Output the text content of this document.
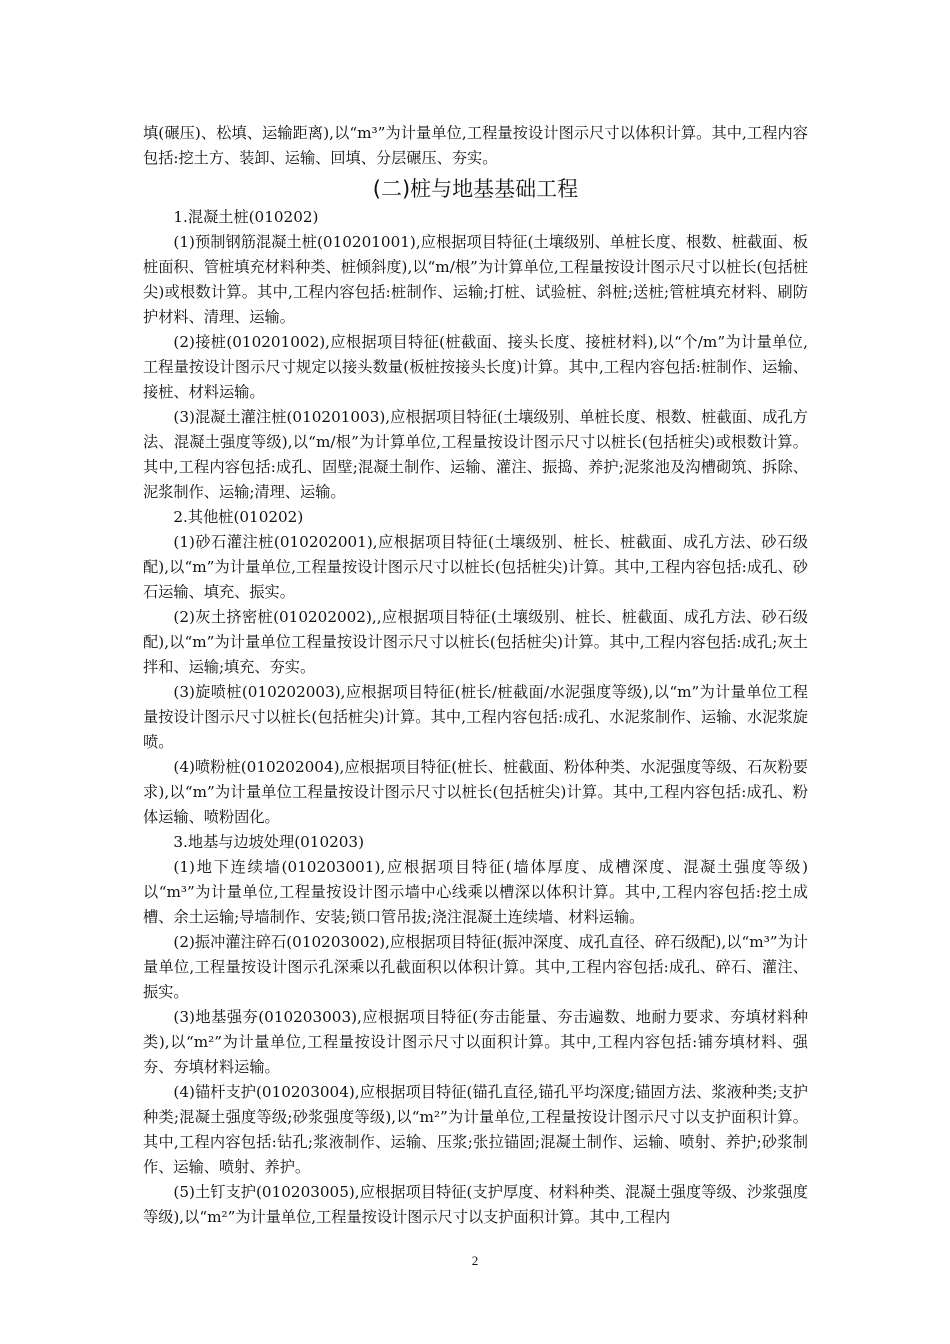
填(碾压)、松填、运输距离),以“m³”为计量单位,工程量按设计图示尺寸以体积计算。其中,工程内容包括:挖土方、装卸、运输、回填、分层碾压、夯实。

(二)桩与地基基础工程

1.混凝土桩(010202)

(1)预制钢筋混凝土桩(010201001),应根据项目特征(土壤级别、单桩长度、根数、桩截面、板桩面积、管桩填充材料种类、桩倾斜度),以“m/根”为计算单位,工程量按设计图示尺寸以桩长(包括桩尖)或根数计算。其中,工程内容包括:桩制作、运输;打桩、试验桩、斜桩;送桩;管桩填充材料、刷防护材料、清理、运输。

(2)接桩(010201002),应根据项目特征(桩截面、接头长度、接桩材料),以“个/m”为计量单位,工程量按设计图示尺寸规定以接头数量(板桩按接头长度)计算。其中,工程内容包括:桩制作、运输、接桩、材料运输。

(3)混凝土灌注桩(010201003),应根据项目特征(土壤级别、单桩长度、根数、桩截面、成孔方法、混凝土强度等级),以“m/根”为计算单位,工程量按设计图示尺寸以桩长(包括桩尖)或根数计算。其中,工程内容包括:成孔、固壁;混凝土制作、运输、灌注、振捣、养护;泥浆池及沟槽砌筑、拆除、泥浆制作、运输;清理、运输。

2.其他桩(010202)

(1)砂石灌注桩(010202001),应根据项目特征(土壤级别、桩长、桩截面、成孔方法、砂石级配),以“m”为计量单位,工程量按设计图示尺寸以桩长(包括桩尖)计算。其中,工程内容包括:成孔、砂石运输、填充、振实。

(2)灰土挤密桩(010202002),,应根据项目特征(土壤级别、桩长、桩截面、成孔方法、砂石级配),以“m”为计量单位工程量按设计图示尺寸以桩长(包括桩尖)计算。其中,工程内容包括:成孔;灰土拌和、运输;填充、夯实。

(3)旋喷桩(010202003),应根据项目特征(桩长/桩截面/水泥强度等级),以“m”为计量单位工程量按设计图示尺寸以桩长(包括桩尖)计算。其中,工程内容包括:成孔、水泥浆制作、运输、水泥浆旋喷。

(4)喷粉桩(010202004),应根据项目特征(桩长、桩截面、粉体种类、水泥强度等级、石灰粉要求),以“m”为计量单位工程量按设计图示尺寸以桩长(包括桩尖)计算。其中,工程内容包括:成孔、粉体运输、喷粉固化。

3.地基与边坡处理(010203)

(1)地下连续墙(010203001),应根据项目特征(墙体厚度、成槽深度、混凝土强度等级)以“m³”为计量单位,工程量按设计图示墙中心线乘以槽深以体积计算。其中,工程内容包括:挖土成槽、余土运输;导墙制作、安装;锁口管吊拔;浇注混凝土连续墙、材料运输。

(2)振冲灌注碎石(010203002),应根据项目特征(振冲深度、成孔直径、碎石级配),以“m³”为计量单位,工程量按设计图示孔深乘以孔截面积以体积计算。其中,工程内容包括:成孔、碎石、灌注、振实。

(3)地基强夯(010203003),应根据项目特征(夯击能量、夯击遍数、地耐力要求、夯填材料种类),以“m²”为计量单位,工程量按设计图示尺寸以面积计算。其中,工程内容包括:铺夯填材料、强夯、夯填材料运输。

(4)锚杆支护(010203004),应根据项目特征(锚孔直径,锚孔平均深度;锚固方法、浆液种类;支护种类;混凝土强度等级;砂浆强度等级),以“m²”为计量单位,工程量按设计图示尺寸以支护面积计算。其中,工程内容包括:钻孔;浆液制作、运输、压浆;张拉锚固;混凝土制作、运输、喷射、养护;砂浆制作、运输、喷射、养护。

(5)土钉支护(010203005),应根据项目特征(支护厚度、材料种类、混凝土强度等级、沙浆强度等级),以“m²”为计量单位,工程量按设计图示尺寸以支护面积计算。其中,工程内

2
